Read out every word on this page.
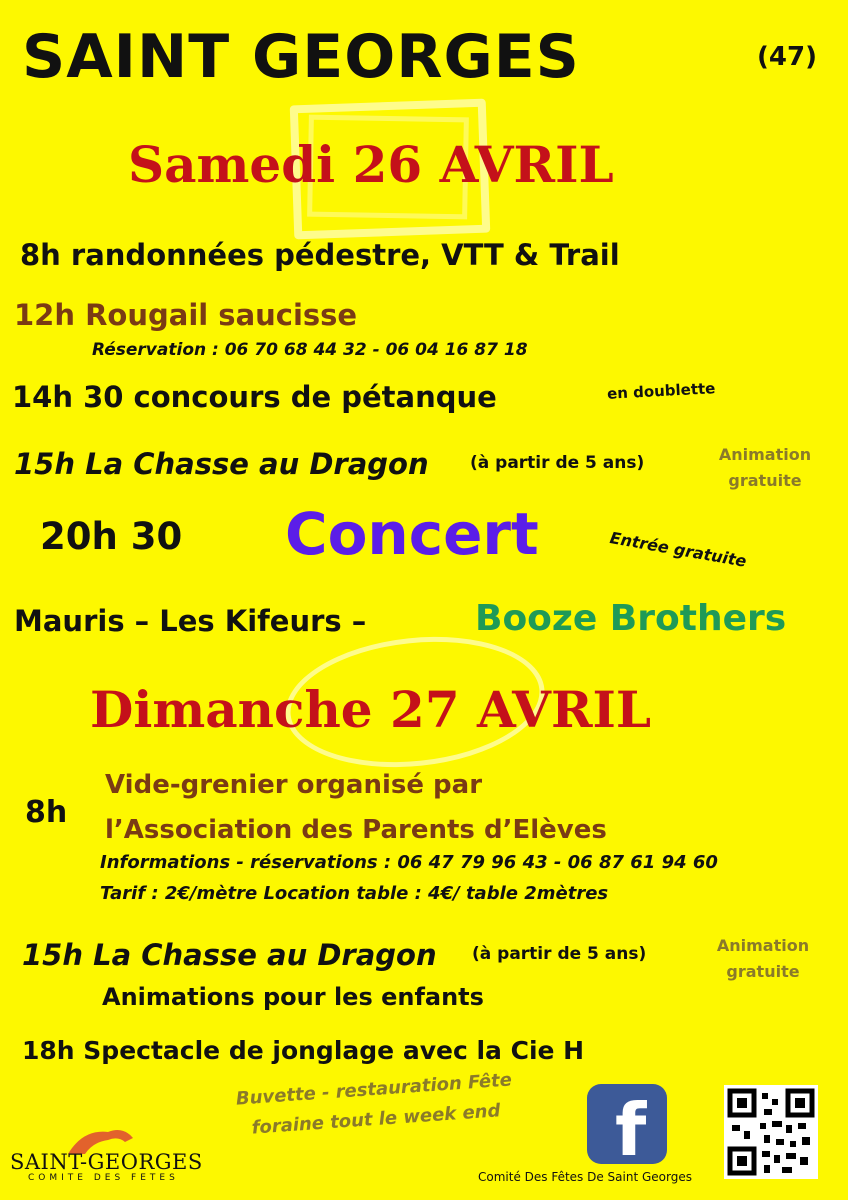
SAINT GEORGES	(47)
Samedi 26 AVRIL
8h randonnées pédestre, VTT & Trail
12h Rougail saucisse
Réservation : 06 70 68 44 32 - 06 04 16 87 18
14h 30 concours de pétanque	en doublette
15h La Chasse au Dragon (à partir de 5 ans)	Animation gratuite
20h 30 Concert	Entrée gratuite
Mauris – Les Kifeurs –	Booze Brothers
Dimanche 27 AVRIL
8h
Vide-grenier organisé par
l’Association des Parents d’Elèves
Informations - réservations : 06 47 79 96 43 - 06 87 61 94 60
Tarif : 2€/mètre Location table : 4€/ table 2mètres
15h La Chasse au Dragon (à partir de 5 ans)	Animation gratuite
Animations pour les enfants
18h Spectacle de jonglage avec la Cie H
Buvette - restauration Fête foraine tout le week end
SAINT-GEORGES
COMITE DES FETES
f
Comité Des Fêtes De Saint Georges
